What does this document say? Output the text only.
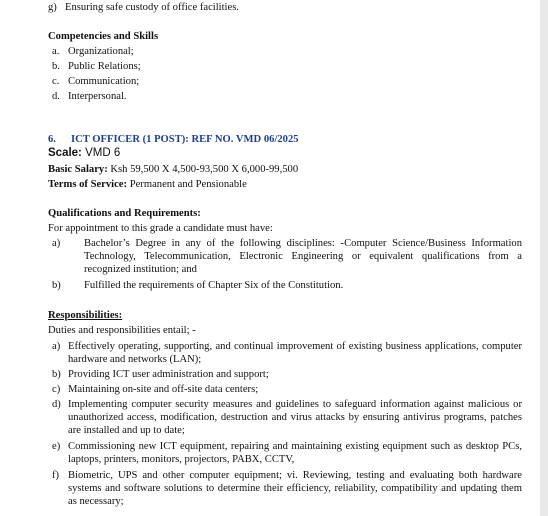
g) Ensuring safe custody of office facilities.
Competencies and Skills
a. Organizational;
b. Public Relations;
c. Communication;
d. Interpersonal.
6. ICT OFFICER (1 POST): REF NO. VMD 06/2025
Scale: VMD 6
Basic Salary: Ksh 59,500 X 4,500-93,500 X 6,000-99,500
Terms of Service: Permanent and Pensionable
Qualifications and Requirements:
For appointment to this grade a candidate must have:
a) Bachelor’s Degree in any of the following disciplines: -Computer Science/Business Information Technology, Telecommunication, Electronic Engineering or equivalent qualifications from a recognized institution; and
b) Fulfilled the requirements of Chapter Six of the Constitution.
Responsibilities:
Duties and responsibilities entail; -
a) Effectively operating, supporting, and continual improvement of existing business applications, computer hardware and networks (LAN);
b) Providing ICT user administration and support;
c) Maintaining on-site and off-site data centers;
d) Implementing computer security measures and guidelines to safeguard information against malicious or unauthorized access, modification, destruction and virus attacks by ensuring antivirus programs, patches are installed and up to date;
e) Commissioning new ICT equipment, repairing and maintaining existing equipment such as desktop PCs, laptops, printers, monitors, projectors, PABX, CCTV,
f) Biometric, UPS and other computer equipment; vi. Reviewing, testing and evaluating both hardware systems and software solutions to determine their efficiency, reliability, compatibility and updating them as necessary;
